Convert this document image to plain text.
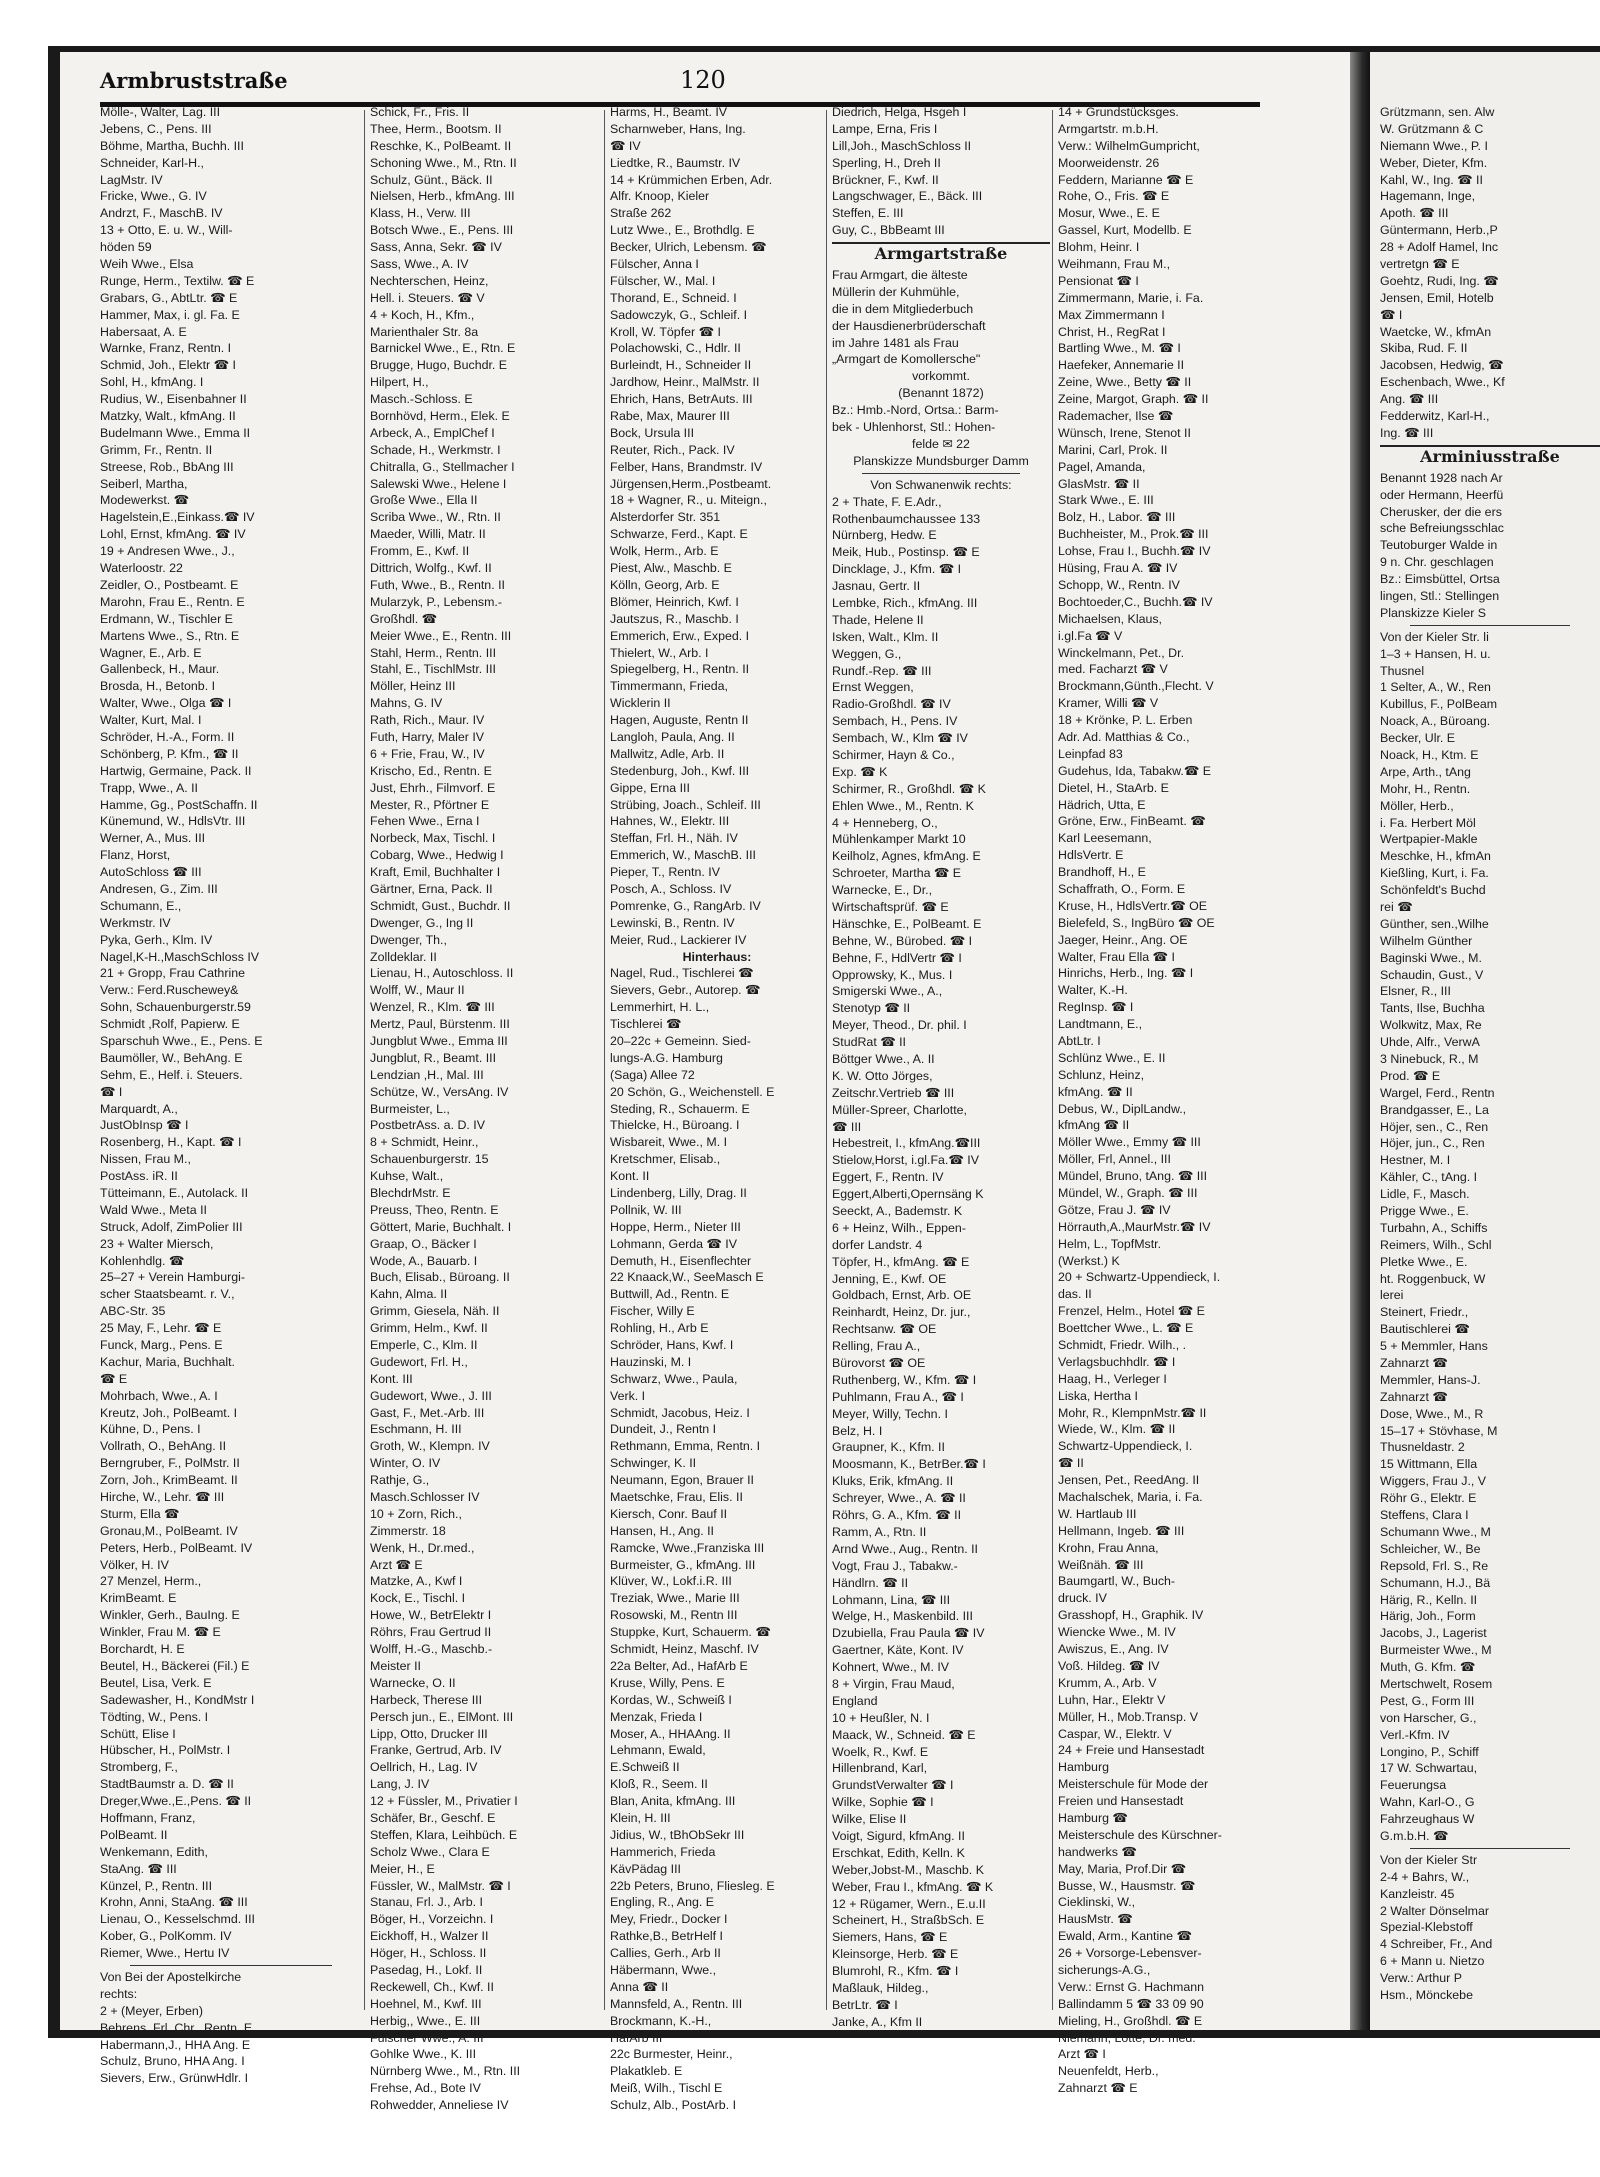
Armbruststraße	120
Mölle-, Walter, Lag. III
Jebens, C., Pens. III
Böhme, Martha, Buchh. III
Schneider, Karl-H.,
LagMstr. IV
Fricke, Wwe., G. IV
Andrzt, F., MaschB. IV
13 + Otto, E. u. W., Will-
höden 59
Weih Wwe., Elsa
Runge, Herm., Textilw. ☎ E
Grabars, G., AbtLtr. ☎ E
Hammer, Max, i. gl. Fa. E
Habersaat, A. E
Warnke, Franz, Rentn. I
Schmid, Joh., Elektr ☎ I
Sohl, H., kfmAng. I
Rudius, W., Eisenbahner II
Matzky, Walt., kfmAng. II
Budelmann Wwe., Emma II
Grimm, Fr., Rentn. II
Streese, Rob., BbAng III
Seiberl, Martha,
Modewerkst. ☎
Hagelstein,E.,Einkass.☎ IV
Lohl, Ernst, kfmAng. ☎ IV
19 + Andresen Wwe., J.,
Waterloostr. 22
Zeidler, O., Postbeamt. E
Marohn, Frau E., Rentn. E
Erdmann, W., Tischler E
Martens Wwe., S., Rtn. E
Wagner, E., Arb. E
Gallenbeck, H., Maur.
Brosda, H., Betonb. I
Walter, Wwe., Olga ☎ I
Walter, Kurt, Mal. I
Schröder, H.-A., Form. II
Schönberg, P. Kfm., ☎ II
Hartwig, Germaine, Pack. II
Trapp, Wwe., A. II
Hamme, Gg., PostSchaffn. II
Künemund, W., HdlsVtr. III
Werner, A., Mus. III
Flanz, Horst,
AutoSchloss ☎ III
Andresen, G., Zim. III
Schumann, E.,
Werkmstr. IV
Pyka, Gerh., Klm. IV
Nagel,K-H.,MaschSchloss IV
21 + Gropp, Frau Cathrine
Verw.: Ferd.Ruschewey&
Sohn, Schauenburgerstr.59
Schmidt ,Rolf, Papierw. E
Sparschuh Wwe., E., Pens. E
Baumöller, W., BehAng. E
Sehm, E., Helf. i. Steuers.
☎ I
Marquardt, A.,
JustObInsp ☎ I
Rosenberg, H., Kapt. ☎ I
Nissen, Frau M.,
PostAss. iR. II
Tütteimann, E., Autolack. II
Wald Wwe., Meta II
Struck, Adolf, ZimPolier III
23 + Walter Miersch,
Kohlenhdlg. ☎
25–27 + Verein Hamburgi-
scher Staatsbeamt. r. V.,
ABC-Str. 35
25 May, F., Lehr. ☎ E
Funck, Marg., Pens. E
Kachur, Maria, Buchhalt.
☎ E
Mohrbach, Wwe., A. I
Kreutz, Joh., PolBeamt. I
Kühne, D., Pens. I
Vollrath, O., BehAng. II
Berngruber, F., PolMstr. II
Zorn, Joh., KrimBeamt. II
Hirche, W., Lehr. ☎ III
Sturm, Ella ☎
Gronau,M., PolBeamt. IV
Peters, Herb., PolBeamt. IV
Völker, H. IV
27 Menzel, Herm.,
KrimBeamt. E
Winkler, Gerh., BauIng. E
Winkler, Frau M. ☎ E
Borchardt, H. E
Beutel, H., Bäckerei (Fil.) E
Beutel, Lisa, Verk. E
Sadewasher, H., KondMstr I
Tödting, W., Pens. I
Schütt, Elise I
Hübscher, H., PolMstr. I
Stromberg, F.,
StadtBaumstr a. D. ☎ II
Dreger,Wwe.,E.,Pens. ☎ II
Hoffmann, Franz,
PolBeamt. II
Wenkemann, Edith,
StaAng. ☎ III
Künzel, P., Rentn. III
Krohn, Anni, StaAng. ☎ III
Lienau, O., Kesselschmd. III
Kober, G., PolKomm. IV
Riemer, Wwe., Hertu IV
Von Bei der Apostelkirche
rechts:
2 + (Meyer, Erben)
Behrens, Frl. Chr., Rentn. E
Habermann,J., HHA Ang. E
Schulz, Bruno, HHA Ang. I
Sievers, Erw., GrünwHdlr. I
Schick, Fr., Fris. II
Thee, Herm., Bootsm. II
Reschke, K., PolBeamt. II
Schoning Wwe., M., Rtn. II
Schulz, Günt., Bäck. II
Nielsen, Herb., kfmAng. III
Klass, H., Verw. III
Botsch Wwe., E., Pens. III
Sass, Anna, Sekr. ☎ IV
Sass, Wwe., A. IV
Nechterschen, Heinz,
Hell. i. Steuers. ☎ V
4 + Koch, H., Kfm.,
Marienthaler Str. 8a
Barnickel Wwe., E., Rtn. E
Brugge, Hugo, Buchdr. E
Hilpert, H.,
Masch.-Schloss. E
Bornhövd, Herm., Elek. E
Arbeck, A., EmplChef I
Schade, H., Werkmstr. I
Chitralla, G., Stellmacher I
Salewski Wwe., Helene I
Große Wwe., Ella II
Scriba Wwe., W., Rtn. II
Maeder, Willi, Matr. II
Fromm, E., Kwf. II
Dittrich, Wolfg., Kwf. II
Futh, Wwe., B., Rentn. II
Mularzyk, P., Lebensm.-
Großhdl. ☎
Meier Wwe., E., Rentn. III
Stahl, Herm., Rentn. III
Stahl, E., TischlMstr. III
Möller, Heinz III
Mahns, G. IV
Rath, Rich., Maur. IV
Futh, Harry, Maler IV
6 + Frie, Frau, W., IV
Krischo, Ed., Rentn. E
Just, Ehrh., Filmvorf. E
Mester, R., Pförtner E
Fehen Wwe., Erna I
Norbeck, Max, Tischl. I
Cobarg, Wwe., Hedwig I
Kraft, Emil, Buchhalter I
Gärtner, Erna, Pack. II
Schmidt, Gust., Buchdr. II
Dwenger, G., Ing II
Dwenger, Th.,
Zolldeklar. II
Lienau, H., Autoschloss. II
Wolff, W., Maur II
Wenzel, R., Klm. ☎ III
Mertz, Paul, Bürstenm. III
Jungblut Wwe., Emma III
Jungblut, R., Beamt. III
Lendzian ,H., Mal. III
Schütze, W., VersAng. IV
Burmeister, L.,
PostbetrAss. a. D. IV
8 + Schmidt, Heinr.,
Schauenburgerstr. 15
Kuhse, Walt.,
BlechdrMstr. E
Preuss, Theo, Rentn. E
Göttert, Marie, Buchhalt. I
Graap, O., Bäcker I
Wode, A., Bauarb. I
Buch, Elisab., Büroang. II
Kahn, Alma. II
Grimm, Giesela, Näh. II
Grimm, Helm., Kwf. II
Emperle, C., Klm. II
Gudewort, Frl. H.,
Kont. III
Gudewort, Wwe., J. III
Gast, F., Met.-Arb. III
Eschmann, H. III
Groth, W., Klempn. IV
Winter, O. IV
Rathje, G.,
Masch.Schlosser IV
10 + Zorn, Rich.,
Zimmerstr. 18
Wenk, H., Dr.med.,
Arzt ☎ E
Matzke, A., Kwf I
Kock, E., Tischl. I
Howe, W., BetrElektr I
Röhrs, Frau Gertrud II
Wolff, H.-G., Maschb.-
Meister II
Warnecke, O. II
Harbeck, Therese III
Persch jun., E., ElMont. III
Lipp, Otto, Drucker III
Franke, Gertrud, Arb. IV
Oellrich, H., Lag. IV
Lang, J. IV
12 + Füssler, M., Privatier I
Schäfer, Br., Geschf. E
Steffen, Klara, Leihbüch. E
Scholz Wwe., Clara E
Meier, H., E
Füssler, W., MalMstr. ☎ I
Stanau, Frl. J., Arb. I
Böger, H., Vorzeichn. I
Eickhoff, H., Walzer II
Höger, H., Schloss. II
Pasedag, H., Lokf. II
Reckewell, Ch., Kwf. II
Hoehnel, M., Kwf. III
Herbig,, Wwe., E. III
Fülscher Wwe., A. III
Gohlke Wwe., K. III
Nürnberg Wwe., M., Rtn. III
Frehse, Ad., Bote IV
Rohwedder, Anneliese IV
Harms, H., Beamt. IV
Scharnweber, Hans, Ing.
☎ IV
Liedtke, R., Baumstr. IV
14 + Krümmichen Erben, Adr.
Alfr. Knoop, Kieler
Straße 262
Lutz Wwe., E., Brothdlg. E
Becker, Ulrich, Lebensm. ☎
Fülscher, Anna I
Fülscher, W., Mal. I
Thorand, E., Schneid. I
Sadowczyk, G., Schleif. I
Kroll, W. Töpfer ☎ I
Polachowski, C., Hdlr. II
Burleindt, H., Schneider II
Jardhow, Heinr., MalMstr. II
Ehrich, Hans, BetrAuts. III
Rabe, Max, Maurer III
Bock, Ursula III
Reuter, Rich., Pack. IV
Felber, Hans, Brandmstr. IV
Jürgensen,Herm.,Postbeamt.
18 + Wagner, R., u. Miteign.,
Alsterdorfer Str. 351
Schwarze, Ferd., Kapt. E
Wolk, Herm., Arb. E
Piest, Alw., Maschb. E
Kölln, Georg, Arb. E
Blömer, Heinrich, Kwf. I
Jautszus, R., Maschb. I
Emmerich, Erw., Exped. I
Thielert, W., Arb. I
Spiegelberg, H., Rentn. II
Timmermann, Frieda,
Wicklerin II
Hagen, Auguste, Rentn II
Langloh, Paula, Ang. II
Mallwitz, Adle, Arb. II
Stedenburg, Joh., Kwf. III
Gippe, Erna III
Strübing, Joach., Schleif. III
Hahnes, W., Elektr. III
Steffan, Frl. H., Näh. IV
Emmerich, W., MaschB. III
Pieper, T., Rentn. IV
Posch, A., Schloss. IV
Pomrenke, G., RangArb. IV
Lewinski, B., Rentn. IV
Meier, Rud., Lackierer IV
Hinterhaus:
Nagel, Rud., Tischlerei ☎
Sievers, Gebr., Autorep. ☎
Lemmerhirt, H. L.,
Tischlerei ☎
20–22c + Gemeinn. Sied-
lungs-A.G. Hamburg
(Saga) Allee 72
20 Schön, G., Weichenstell. E
Steding, R., Schauerm. E
Thielcke, H., Büroang. I
Wisbareit, Wwe., M. I
Kretschmer, Elisab.,
Kont. II
Lindenberg, Lilly, Drag. II
Pollnik, W. III
Hoppe, Herm., Nieter III
Lohmann, Gerda ☎ IV
Demuth, H., Eisenflechter
22 Knaack,W., SeeMasch E
Buttwill, Ad., Rentn. E
Fischer, Willy E
Rohling, H., Arb E
Schröder, Hans, Kwf. I
Hauzinski, M. I
Schwarz, Wwe., Paula,
Verk. I
Schmidt, Jacobus, Heiz. I
Dundeit, J., Rentn I
Rethmann, Emma, Rentn. I
Schwinger, K. II
Neumann, Egon, Brauer II
Maetschke, Frau, Elis. II
Kiersch, Conr. Bauf II
Hansen, H., Ang. II
Ramcke, Wwe.,Franziska III
Burmeister, G., kfmAng. III
Klüver, W., Lokf.i.R. III
Treziak, Wwe., Marie III
Rosowski, M., Rentn III
Stuppke, Kurt, Schauerm. ☎
Schmidt, Heinz, Maschf. IV
22a Belter, Ad., HafArb E
Kruse, Willy, Pens. E
Kordas, W., Schweiß I
Menzak, Frieda I
Moser, A., HHAAng. II
Lehmann, Ewald,
E.Schweiß II
Kloß, R., Seem. II
Blan, Anita, kfmAng. III
Klein, H. III
Jidius, W., tBhObSekr III
Hammerich, Frieda
KävPädag III
22b Peters, Bruno, Fliesleg. E
Engling, R., Ang. E
Mey, Friedr., Docker I
Rathke,B., BetrHelf I
Callies, Gerh., Arb II
Häbermann, Wwe.,
Anna ☎ II
Mannsfeld, A., Rentn. III
Brockmann, K.-H.,
HafArb III
22c Burmester, Heinr.,
Plakatkleb. E
Meiß, Wilh., Tischl E
Schulz, Alb., PostArb. I
Diedrich, Helga, Hsgeh I
Lampe, Erna, Fris I
Lill,Joh., MaschSchloss II
Sperling, H., Dreh II
Brückner, F., Kwf. II
Langschwager, E., Bäck. III
Steffen, E. III
Guy, C., BbBeamt III
Armgartstraße
Frau Armgart, die älteste
Müllerin der Kuhmühle,
die in dem Mitgliederbuch
der Hausdienerbrüderschaft
im Jahre 1481 als Frau
„Armgart de Komollersche"
vorkommt.
(Benannt 1872)
Bz.: Hmb.-Nord, Ortsa.: Barm-
bek - Uhlenhorst, Stl.: Hohen-
felde ✉ 22
Planskizze Mundsburger Damm
Von Schwanenwik rechts:
2 + Thate, F. E.Adr.,
Rothenbaumchaussee 133
Nürnberg, Hedw. E
Meik, Hub., Postinsp. ☎ E
Dincklage, J., Kfm. ☎ I
Jasnau, Gertr. II
Lembke, Rich., kfmAng. III
Thade, Helene II
Isken, Walt., Klm. II
Weggen, G.,
Rundf.-Rep. ☎ III
Ernst Weggen,
Radio-Großhdl. ☎ IV
Sembach, H., Pens. IV
Sembach, W., Klm ☎ IV
Schirmer, Hayn & Co.,
Exp. ☎ K
Schirmer, R., Großhdl. ☎ K
Ehlen Wwe., M., Rentn. K
4 + Henneberg, O.,
Mühlenkamper Markt 10
Keilholz, Agnes, kfmAng. E
Schroeter, Martha ☎ E
Warnecke, E., Dr.,
Wirtschaftsprüf. ☎ E
Hänschke, E., PolBeamt. E
Behne, W., Bürobed. ☎ I
Behne, F., HdlVertr ☎ I
Opprowsky, K., Mus. I
Smigerski Wwe., A.,
Stenotyp ☎ II
Meyer, Theod., Dr. phil. I
StudRat ☎ II
Böttger Wwe., A. II
K. W. Otto Jörges,
Zeitschr.Vertrieb ☎ III
Müller-Spreer, Charlotte,
☎ III
Hebestreit, I., kfmAng.☎III
Stielow,Horst, i.gl.Fa.☎ IV
Eggert, F., Rentn. IV
Eggert,Alberti,Opernsäng K
Seeckt, A., Bademstr. K
6 + Heinz, Wilh., Eppen-
dorfer Landstr. 4
Töpfer, H., kfmAng. ☎ E
Jenning, E., Kwf. OE
Goldbach, Ernst, Arb. OE
Reinhardt, Heinz, Dr. jur.,
Rechtsanw. ☎ OE
Relling, Frau A.,
Bürovorst ☎ OE
Ruthenberg, W., Kfm. ☎ I
Puhlmann, Frau A., ☎ I
Meyer, Willy, Techn. I
Belz, H. I
Graupner, K., Kfm. II
Moosmann, K., BetrBer.☎ I
Kluks, Erik, kfmAng. II
Schreyer, Wwe., A. ☎ II
Röhrs, G. A., Kfm. ☎ II
Ramm, A., Rtn. II
Arnd Wwe., Aug., Rentn. II
Vogt, Frau J., Tabakw.-
Händlrn. ☎ II
Lohmann, Lina, ☎ III
Welge, H., Maskenbild. III
Dzubiella, Frau Paula ☎ IV
Gaertner, Käte, Kont. IV
Kohnert, Wwe., M. IV
8 + Virgin, Frau Maud,
England
10 + Heußler, N. I
Maack, W., Schneid. ☎ E
Woelk, R., Kwf. E
Hillenbrand, Karl,
GrundstVerwalter ☎ I
Wilke, Sophie ☎ I
Wilke, Elise II
Voigt, Sigurd, kfmAng. II
Erschkat, Edith, Kelln. K
Weber,Jobst-M., Maschb. K
Weber, Frau I., kfmAng. ☎ K
12 + Rügamer, Wern., E.u.II
Scheinert, H., StraßbSch. E
Siemers, Hans, ☎ E
Kleinsorge, Herb. ☎ E
Blumrohl, R., Kfm. ☎ I
Maßlauk, Hildeg.,
BetrLtr. ☎ I
Janke, A., Kfm II
14 + Grundstücksges.
Armgartstr. m.b.H.
Verw.: WilhelmGumpricht,
Moorweidenstr. 26
Feddern, Marianne ☎ E
Rohe, O., Fris. ☎ E
Mosur, Wwe., E. E
Gassel, Kurt, Modellb. E
Blohm, Heinr. I
Weihmann, Frau M.,
Pensionat ☎ I
Zimmermann, Marie, i. Fa.
Max Zimmermann I
Christ, H., RegRat I
Bartling Wwe., M. ☎ I
Haefeker, Annemarie II
Zeine, Wwe., Betty ☎ II
Zeine, Margot, Graph. ☎ II
Rademacher, Ilse ☎
Wünsch, Irene, Stenot II
Marini, Carl, Prok. II
Pagel, Amanda,
GlasMstr. ☎ II
Stark Wwe., E. III
Bolz, H., Labor. ☎ III
Buchheister, M., Prok.☎ III
Lohse, Frau I., Buchh.☎ IV
Hüsing, Frau A. ☎ IV
Schopp, W., Rentn. IV
Bochtoeder,C., Buchh.☎ IV
Michaelsen, Klaus,
i.gl.Fa ☎ V
Winckelmann, Pet., Dr.
med. Facharzt ☎ V
Brockmann,Günth.,Flecht. V
Kramer, Willi ☎ V
18 + Krönke, P. L. Erben
Adr. Ad. Matthias & Co.,
Leinpfad 83
Gudehus, Ida, Tabakw.☎ E
Dietel, H., StaArb. E
Hädrich, Utta, E
Gröne, Erw., FinBeamt. ☎
Karl Leesemann,
HdlsVertr. E
Brandhoff, H., E
Schaffrath, O., Form. E
Kruse, H., HdlsVertr.☎ OE
Bielefeld, S., IngBüro ☎ OE
Jaeger, Heinr., Ang. OE
Walter, Frau Ella ☎ I
Hinrichs, Herb., Ing. ☎ I
Walter, K.-H.
RegInsp. ☎ I
Landtmann, E.,
AbtLtr. I
Schlünz Wwe., E. II
Schlunz, Heinz,
kfmAng. ☎ II
Debus, W., DiplLandw.,
kfmAng ☎ II
Möller Wwe., Emmy ☎ III
Möller, Frl, Annel., III
Mündel, Bruno, tAng. ☎ III
Mündel, W., Graph. ☎ III
Götze, Frau J. ☎ IV
Hörrauth,A.,MaurMstr.☎ IV
Helm, L., TopfMstr.
(Werkst.) K
20 + Schwartz-Uppendieck, I.
das. II
Frenzel, Helm., Hotel ☎ E
Boettcher Wwe., L. ☎ E
Schmidt, Friedr. Wilh., .
Verlagsbuchhdlr. ☎ I
Haag, H., Verleger I
Liska, Hertha I
Mohr, R., KlempnMstr.☎ II
Wiede, W., Klm. ☎ II
Schwartz-Uppendieck, I.
☎ II
Jensen, Pet., ReedAng. II
Machalschek, Maria, i. Fa.
W. Hartlaub III
Hellmann, Ingeb. ☎ III
Krohn, Frau Anna,
Weißnäh. ☎ III
Baumgartl, W., Buch-
druck. IV
Grasshopf, H., Graphik. IV
Wiencke Wwe., M. IV
Awiszus, E., Ang. IV
Voß. Hildeg. ☎ IV
Krumm, A., Arb. V
Luhn, Har., Elektr V
Müller, H., Mob.Transp. V
Caspar, W., Elektr. V
24 + Freie und Hansestadt
Hamburg
Meisterschule für Mode der
Freien und Hansestadt
Hamburg ☎
Meisterschule des Kürschner-
handwerks ☎
May, Maria, Prof.Dir ☎
Busse, W., Hausmstr. ☎
Cieklinski, W.,
HausMstr. ☎
Ewald, Arm., Kantine ☎
26 + Vorsorge-Lebensver-
sicherungs-A.G.,
Verw.: Ernst G. Hachmann
Ballindamm 5 ☎ 33 09 90
Mieling, H., Großhdl. ☎ E
Niemann, Lotte, Dr. med.
Arzt ☎ I
Neuenfeldt, Herb.,
Zahnarzt ☎ E
Grützmann, sen. Alw
W. Grützmann & C
Niemann Wwe., P. I
Weber, Dieter, Kfm.
Kahl, W., Ing. ☎ II
Hagemann, Inge,
Apoth. ☎ III
Güntermann, Herb.,P
28 + Adolf Hamel, Inc
vertretgn ☎ E
Goehtz, Rudi, Ing. ☎
Jensen, Emil, Hotelb
☎ I
Waetcke, W., kfmAn
Skiba, Rud. F. II
Jacobsen, Hedwig, ☎
Eschenbach, Wwe., Kf
Ang. ☎ III
Fedderwitz, Karl-H.,
Ing. ☎ III
Arminiusstraße
Benannt 1928 nach Ar
oder Hermann, Heerfü
Cherusker, der die ers
sche Befreiungsschlac
Teutoburger Walde in
9 n. Chr. geschlagen
Bz.: Eimsbüttel, Ortsa
lingen, Stl.: Stellingen
Planskizze Kieler S
Von der Kieler Str. li
1–3 + Hansen, H. u.
Thusnel
1 Selter, A., W., Ren
Kubillus, F., PolBeam
Noack, A., Büroang.
Becker, Ulr. E
Noack, H., Ktm. E
Arpe, Arth., tAng
Mohr, H., Rentn.
Möller, Herb.,
i. Fa. Herbert Möl
Wertpapier-Makle
Meschke, H., kfmAn
Kießling, Kurt, i. Fa.
Schönfeldt's Buchd
rei ☎
Günther, sen.,Wilhe
Wilhelm Günther
Baginski Wwe., M.
Schaudin, Gust., V
Elsner, R., III
Tants, Ilse, Buchha
Wolkwitz, Max, Re
Uhde, Alfr., VerwA
3 Ninebuck, R., M
Prod. ☎ E
Wargel, Ferd., Rentn
Brandgasser, E., La
Höjer, sen., C., Ren
Höjer, jun., C., Ren
Hestner, M. I
Kähler, C., tAng. I
Lidle, F., Masch.
Prigge Wwe., E.
Turbahn, A., Schiffs
Reimers, Wilh., Schl
Pletke Wwe., E.
ht. Roggenbuck, W
lerei
Steinert, Friedr.,
Bautischlerei ☎
5 + Memmler, Hans
Zahnarzt ☎
Memmler, Hans-J.
Zahnarzt ☎
Dose, Wwe., M., R
15–17 + Stövhase, M
Thusneldastr. 2
15 Wittmann, Ella
Wiggers, Frau J., V
Röhr G., Elektr. E
Steffens, Clara I
Schumann Wwe., M
Schleicher, W., Be
Repsold, Frl. S., Re
Schumann, H.J., Bä
Härig, R., Kelln. II
Härig, Joh., Form
Jacobs, J., Lagerist
Burmeister Wwe., M
Muth, G. Kfm. ☎
Mertschwelt, Rosem
Pest, G., Form III
von Harscher, G.,
Verl.-Kfm. IV
Longino, P., Schiff
17 W. Schwartau,
Feuerungsa
Wahn, Karl-O., G
Fahrzeughaus W
G.m.b.H. ☎
Von der Kieler Str
2-4 + Bahrs, W.,
Kanzleistr. 45
2 Walter Dönselmar
Spezial-Klebstoff
4 Schreiber, Fr., And
6 + Mann u. Nietzo
Verw.: Arthur P
Hsm., Mönckebe
